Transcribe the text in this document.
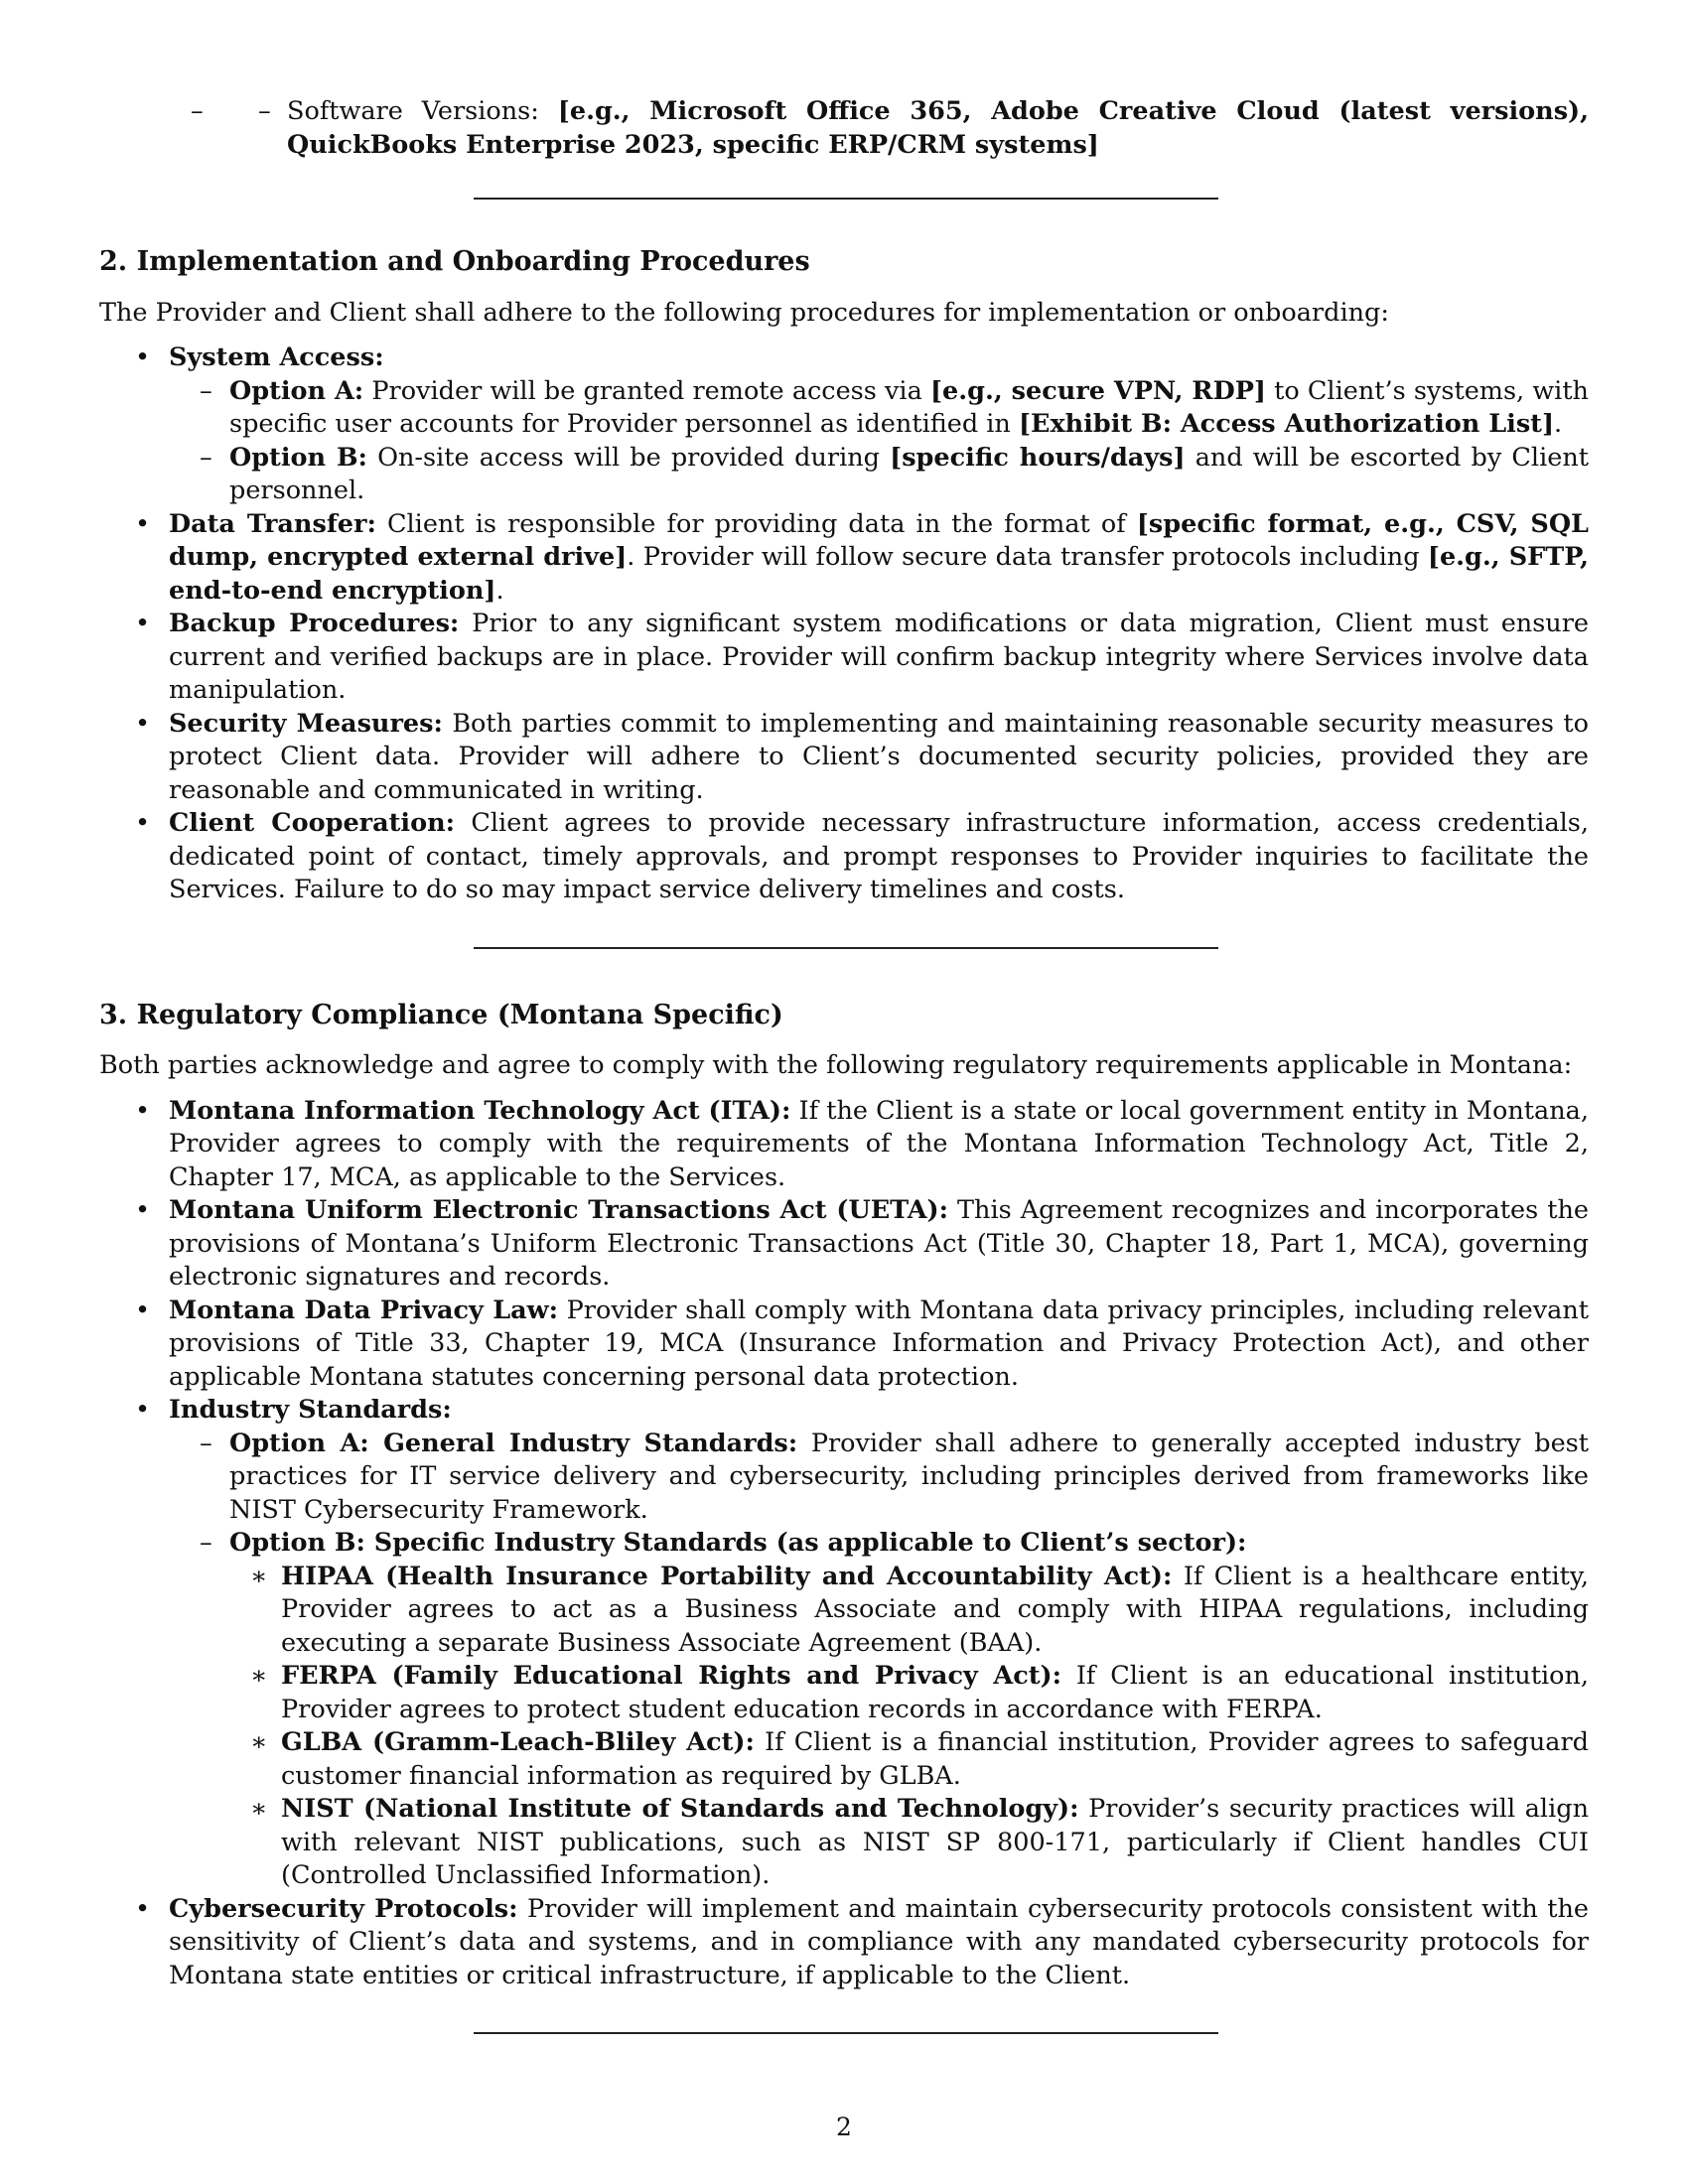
– – Software Versions: [e.g., Microsoft Office 365, Adobe Creative Cloud (latest versions), QuickBooks Enterprise 2023, specific ERP/CRM systems]

2. Implementation and Onboarding Procedures

The Provider and Client shall adhere to the following procedures for implementation or onboarding:

• System Access:
– Option A: Provider will be granted remote access via [e.g., secure VPN, RDP] to Client’s systems, with specific user accounts for Provider personnel as identified in [Exhibit B: Access Authorization List].
– Option B: On-site access will be provided during [specific hours/days] and will be escorted by Client personnel.
• Data Transfer: Client is responsible for providing data in the format of [specific format, e.g., CSV, SQL dump, encrypted external drive]. Provider will follow secure data transfer protocols including [e.g., SFTP, end-to-end encryption].
• Backup Procedures: Prior to any significant system modifications or data migration, Client must ensure current and verified backups are in place. Provider will confirm backup integrity where Services involve data manipulation.
• Security Measures: Both parties commit to implementing and maintaining reasonable security measures to protect Client data. Provider will adhere to Client’s documented security policies, provided they are reasonable and communicated in writing.
• Client Cooperation: Client agrees to provide necessary infrastructure information, access credentials, dedicated point of contact, timely approvals, and prompt responses to Provider inquiries to facilitate the Services. Failure to do so may impact service delivery timelines and costs.

3. Regulatory Compliance (Montana Specific)

Both parties acknowledge and agree to comply with the following regulatory requirements applicable in Montana:

• Montana Information Technology Act (ITA): If the Client is a state or local government entity in Montana, Provider agrees to comply with the requirements of the Montana Information Technology Act, Title 2, Chapter 17, MCA, as applicable to the Services.
• Montana Uniform Electronic Transactions Act (UETA): This Agreement recognizes and incorporates the provisions of Montana’s Uniform Electronic Transactions Act (Title 30, Chapter 18, Part 1, MCA), governing electronic signatures and records.
• Montana Data Privacy Law: Provider shall comply with Montana data privacy principles, including relevant provisions of Title 33, Chapter 19, MCA (Insurance Information and Privacy Protection Act), and other applicable Montana statutes concerning personal data protection.
• Industry Standards:
– Option A: General Industry Standards: Provider shall adhere to generally accepted industry best practices for IT service delivery and cybersecurity, including principles derived from frameworks like NIST Cybersecurity Framework.
– Option B: Specific Industry Standards (as applicable to Client’s sector):
∗ HIPAA (Health Insurance Portability and Accountability Act): If Client is a healthcare entity, Provider agrees to act as a Business Associate and comply with HIPAA regulations, including executing a separate Business Associate Agreement (BAA).
∗ FERPA (Family Educational Rights and Privacy Act): If Client is an educational institution, Provider agrees to protect student education records in accordance with FERPA.
∗ GLBA (Gramm-Leach-Bliley Act): If Client is a financial institution, Provider agrees to safeguard customer financial information as required by GLBA.
∗ NIST (National Institute of Standards and Technology): Provider’s security practices will align with relevant NIST publications, such as NIST SP 800-171, particularly if Client handles CUI (Controlled Unclassified Information).
• Cybersecurity Protocols: Provider will implement and maintain cybersecurity protocols consistent with the sensitivity of Client’s data and systems, and in compliance with any mandated cybersecurity protocols for Montana state entities or critical infrastructure, if applicable to the Client.
2
